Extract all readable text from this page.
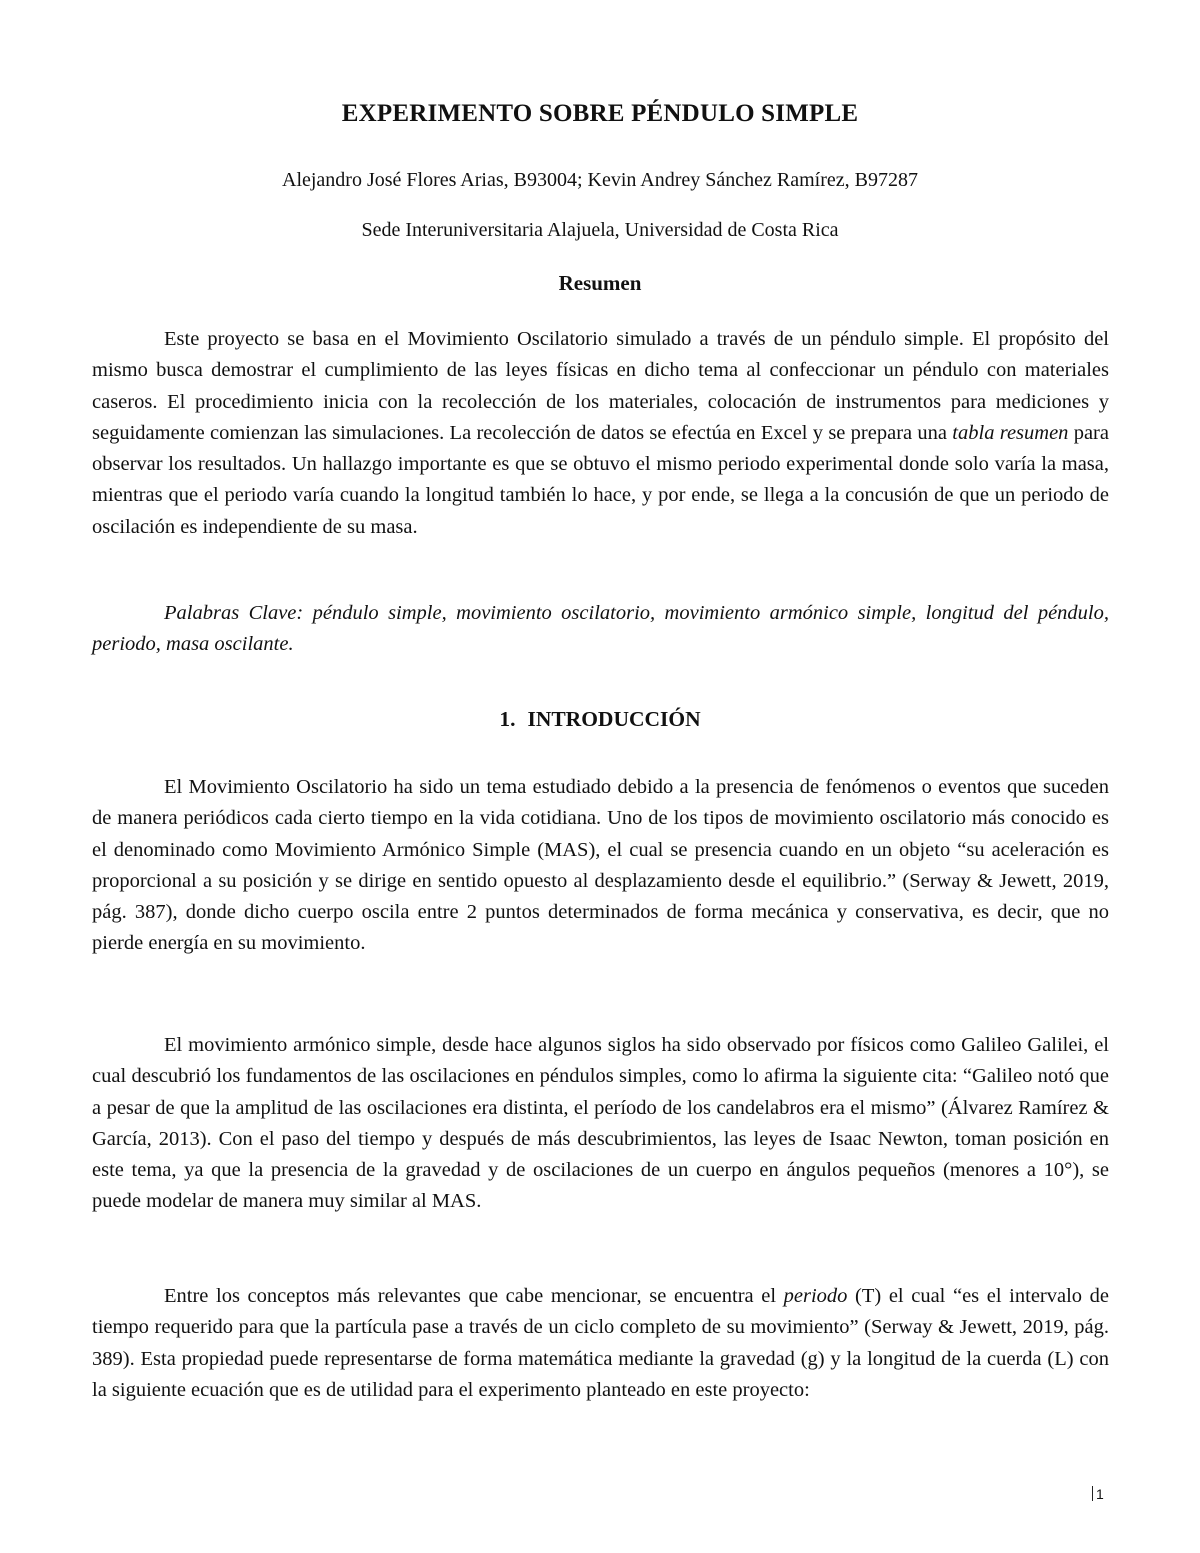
EXPERIMENTO SOBRE PÉNDULO SIMPLE
Alejandro José Flores Arias, B93004; Kevin Andrey Sánchez Ramírez, B97287
Sede Interuniversitaria Alajuela, Universidad de Costa Rica
Resumen
Este proyecto se basa en el Movimiento Oscilatorio simulado a través de un péndulo simple. El propósito del mismo busca demostrar el cumplimiento de las leyes físicas en dicho tema al confeccionar un péndulo con materiales caseros. El procedimiento inicia con la recolección de los materiales, colocación de instrumentos para mediciones y seguidamente comienzan las simulaciones. La recolección de datos se efectúa en Excel y se prepara una tabla resumen para observar los resultados. Un hallazgo importante es que se obtuvo el mismo periodo experimental donde solo varía la masa, mientras que el periodo varía cuando la longitud también lo hace, y por ende, se llega a la concusión de que un periodo de oscilación es independiente de su masa.
Palabras Clave: péndulo simple, movimiento oscilatorio, movimiento armónico simple, longitud del péndulo, periodo, masa oscilante.
1. INTRODUCCIÓN
El Movimiento Oscilatorio ha sido un tema estudiado debido a la presencia de fenómenos o eventos que suceden de manera periódicos cada cierto tiempo en la vida cotidiana. Uno de los tipos de movimiento oscilatorio más conocido es el denominado como Movimiento Armónico Simple (MAS), el cual se presencia cuando en un objeto “su aceleración es proporcional a su posición y se dirige en sentido opuesto al desplazamiento desde el equilibrio.” (Serway & Jewett, 2019, pág. 387), donde dicho cuerpo oscila entre 2 puntos determinados de forma mecánica y conservativa, es decir, que no pierde energía en su movimiento.
El movimiento armónico simple, desde hace algunos siglos ha sido observado por físicos como Galileo Galilei, el cual descubrió los fundamentos de las oscilaciones en péndulos simples, como lo afirma la siguiente cita: “Galileo notó que a pesar de que la amplitud de las oscilaciones era distinta, el período de los candelabros era el mismo” (Álvarez Ramírez & García, 2013). Con el paso del tiempo y después de más descubrimientos, las leyes de Isaac Newton, toman posición en este tema, ya que la presencia de la gravedad y de oscilaciones de un cuerpo en ángulos pequeños (menores a 10°), se puede modelar de manera muy similar al MAS.
Entre los conceptos más relevantes que cabe mencionar, se encuentra el periodo (T) el cual “es el intervalo de tiempo requerido para que la partícula pase a través de un ciclo completo de su movimiento” (Serway & Jewett, 2019, pág. 389). Esta propiedad puede representarse de forma matemática mediante la gravedad (g) y la longitud de la cuerda (L) con la siguiente ecuación que es de utilidad para el experimento planteado en este proyecto:
1
